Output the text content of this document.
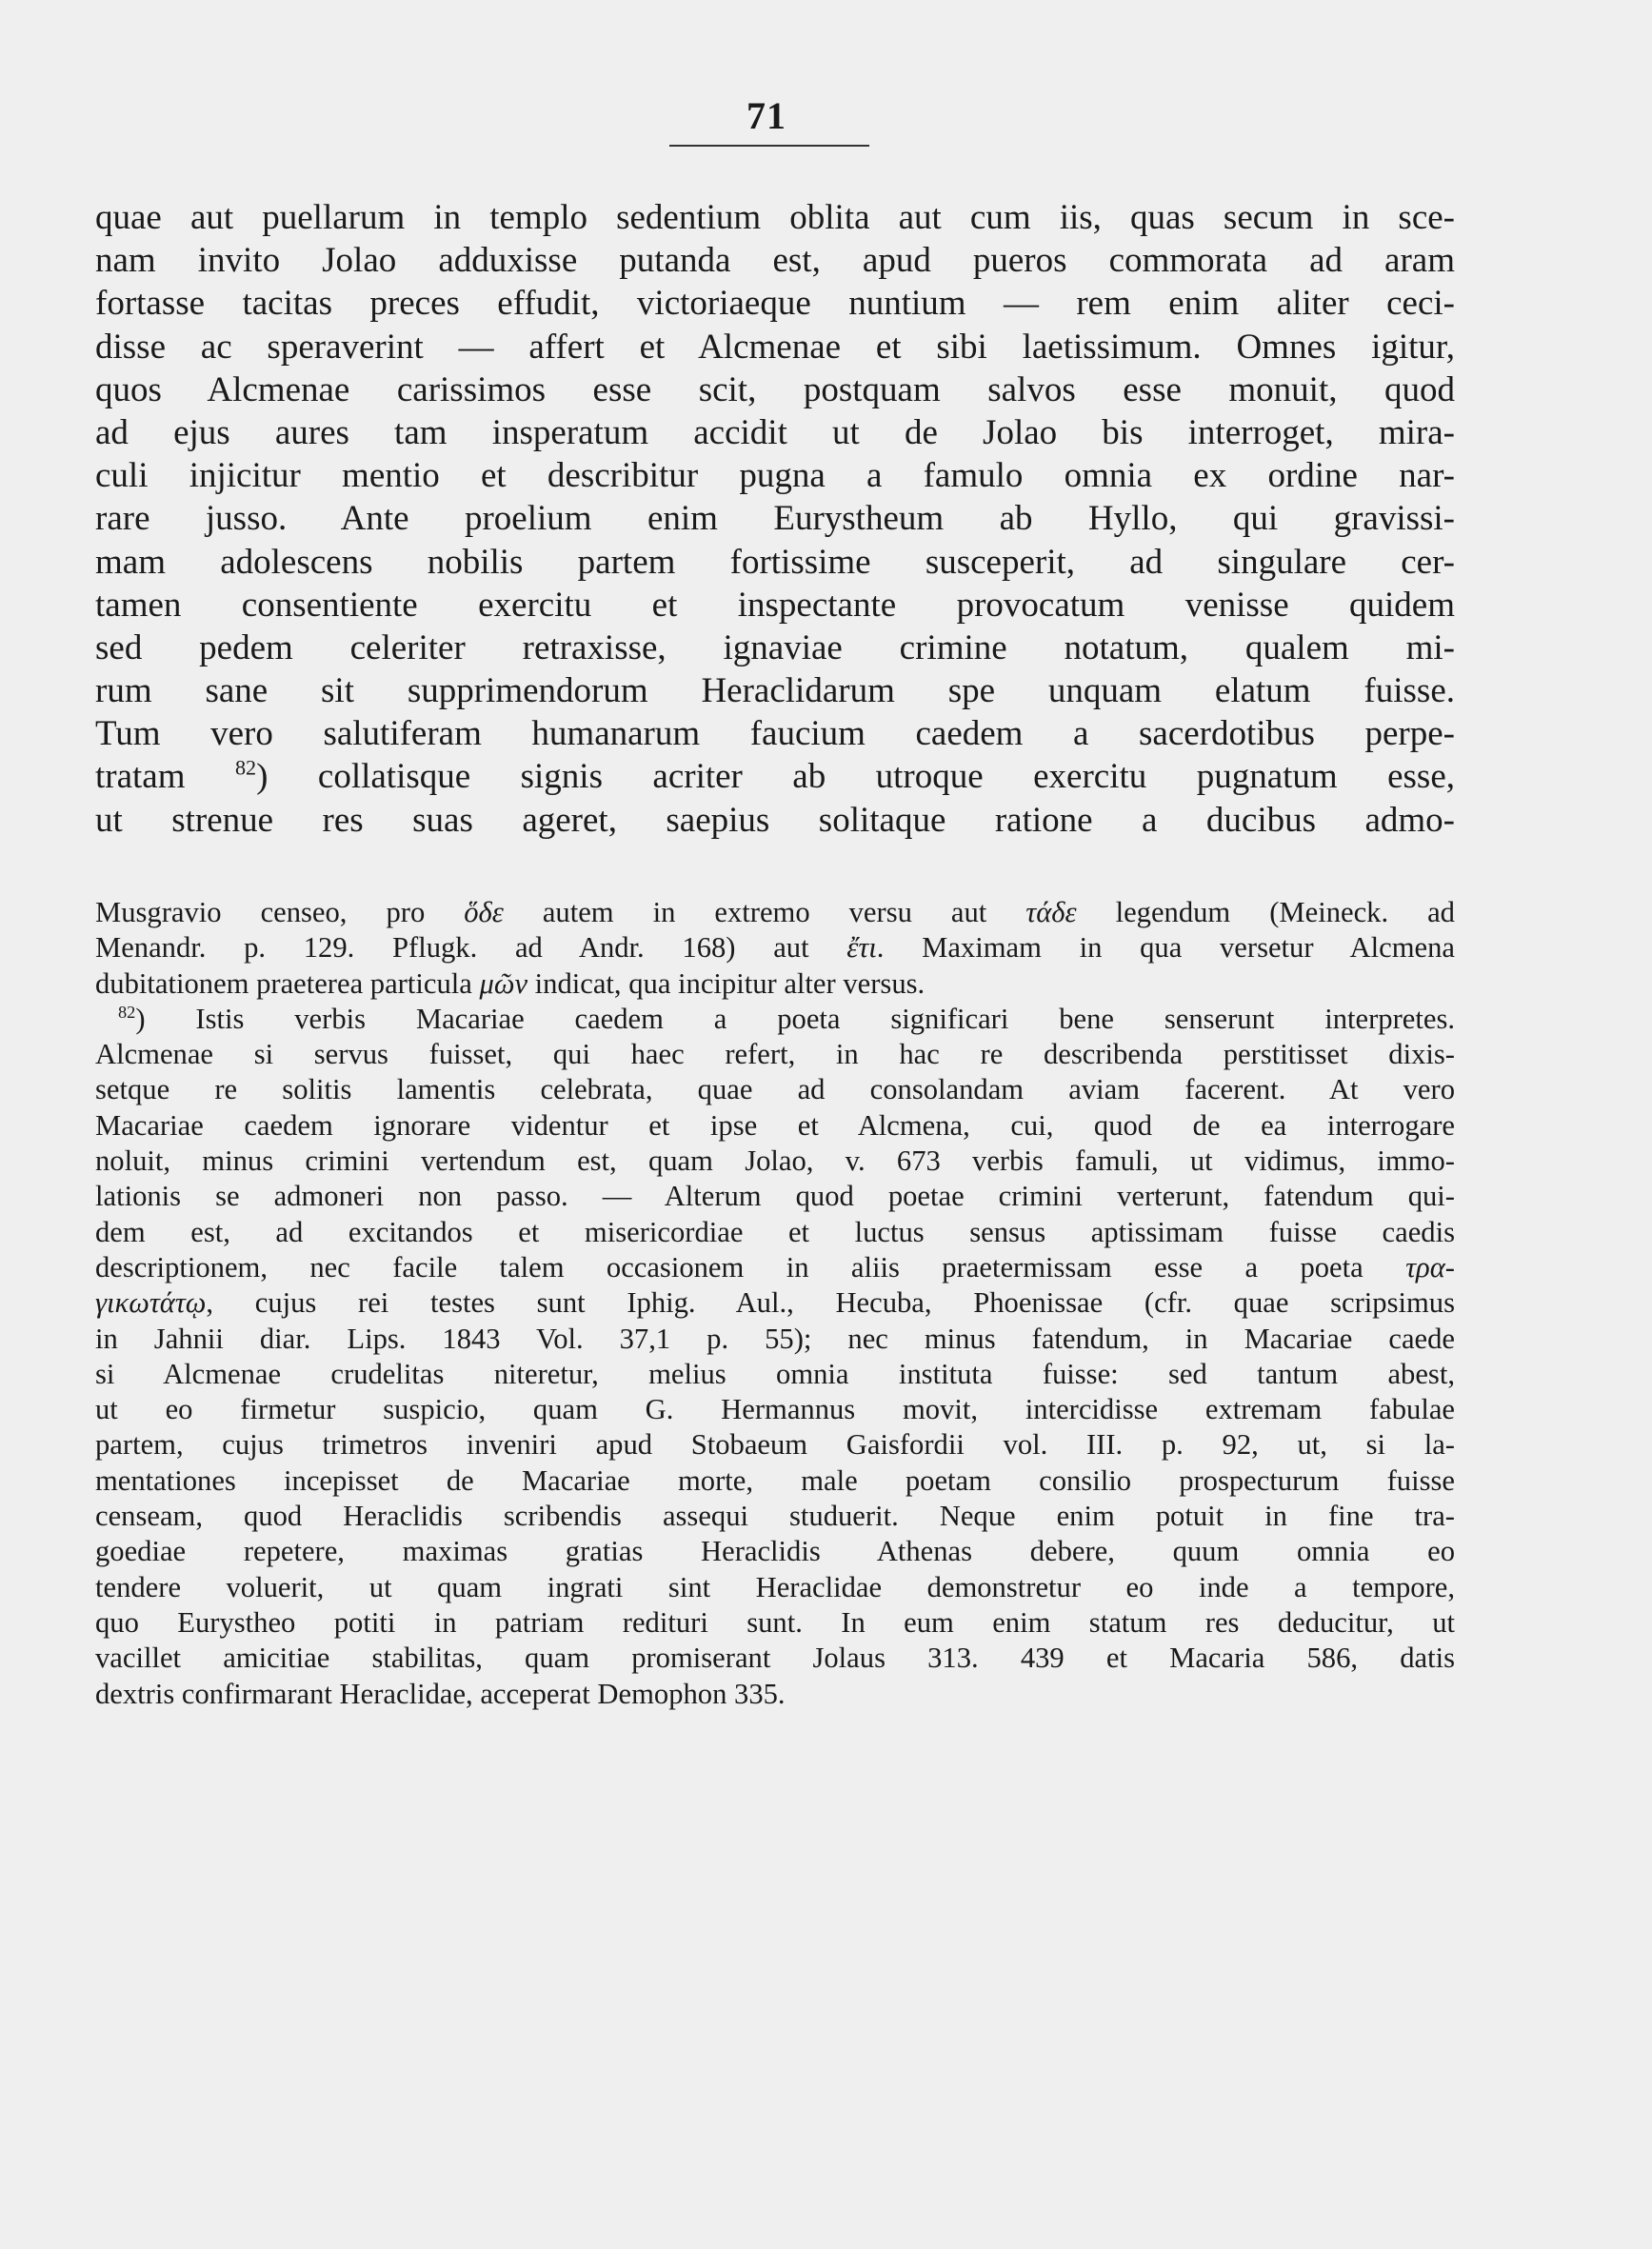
71
quae aut puellarum in templo sedentium oblita aut cum iis, quas secum in sce-
nam invito Jolao adduxisse putanda est, apud pueros commorata ad aram
fortasse tacitas preces effudit, victoriaeque nuntium — rem enim aliter ceci-
disse ac speraverint — affert et Alcmenae et sibi laetissimum. Omnes igitur,
quos Alcmenae carissimos esse scit, postquam salvos esse monuit, quod
ad ejus aures tam insperatum accidit ut de Jolao bis interroget, mira-
culi injicitur mentio et describitur pugna a famulo omnia ex ordine nar-
rare jusso. Ante proelium enim Eurystheum ab Hyllo, qui gravissi-
mam adolescens nobilis partem fortissime susceperit, ad singulare cer-
tamen consentiente exercitu et inspectante provocatum venisse quidem
sed pedem celeriter retraxisse, ignaviae crimine notatum, qualem mi-
rum sane sit supprimendorum Heraclidarum spe unquam elatum fuisse.
Tum vero salutiferam humanarum faucium caedem a sacerdotibus perpe-
tratam $^{82}$) collatisque signis acriter ab utroque exercitu pugnatum esse,
ut strenue res suas ageret, saepius solitaque ratione a ducibus admo-
Musgravio censeo, pro ὅδε autem in extremo versu aut τάδε legendum (Meineck. ad
Menandr. p. 129. Pflugk. ad Andr. 168) aut ἔτι. Maximam in qua versetur Alcmena
dubitationem praeterea particula μῶν indicat, qua incipitur alter versus.
$^{82}$) Istis verbis Macariae caedem a poeta significari bene senserunt interpretes.
Alcmenae si servus fuisset, qui haec refert, in hac re describenda perstitisset dixis-
setque re solitis lamentis celebrata, quae ad consolandam aviam facerent. At vero
Macariae caedem ignorare videntur et ipse et Alcmena, cui, quod de ea interrogare
noluit, minus crimini vertendum est, quam Jolao, v. 673 verbis famuli, ut vidimus, immo-
lationis se admoneri non passo. — Alterum quod poetae crimini verterunt, fatendum qui-
dem est, ad excitandos et misericordiae et luctus sensus aptissimam fuisse caedis
descriptionem, nec facile talem occasionem in aliis praetermissam esse a poeta τρα-
γικωτάτῳ, cujus rei testes sunt Iphig. Aul., Hecuba, Phoenissae (cfr. quae scripsimus
in Jahnii diar. Lips. 1843 Vol. 37,1 p. 55); nec minus fatendum, in Macariae caede
si Alcmenae crudelitas niteretur, melius omnia instituta fuisse: sed tantum abest,
ut eo firmetur suspicio, quam G. Hermannus movit, intercidisse extremam fabulae
partem, cujus trimetros inveniri apud Stobaeum Gaisfordii vol. III. p. 92, ut, si la-
mentationes incepisset de Macariae morte, male poetam consilio prospecturum fuisse
censeam, quod Heraclidis scribendis assequi studuerit. Neque enim potuit in fine tra-
goediae repetere, maximas gratias Heraclidis Athenas debere, quum omnia eo
tendere voluerit, ut quam ingrati sint Heraclidae demonstretur eo inde a tempore,
quo Eurystheo potiti in patriam redituri sunt. In eum enim statum res deducitur, ut
vacillet amicitiae stabilitas, quam promiserant Jolaus 313. 439 et Macaria 586, datis
dextris confirmarant Heraclidae, acceperat Demophon 335.
